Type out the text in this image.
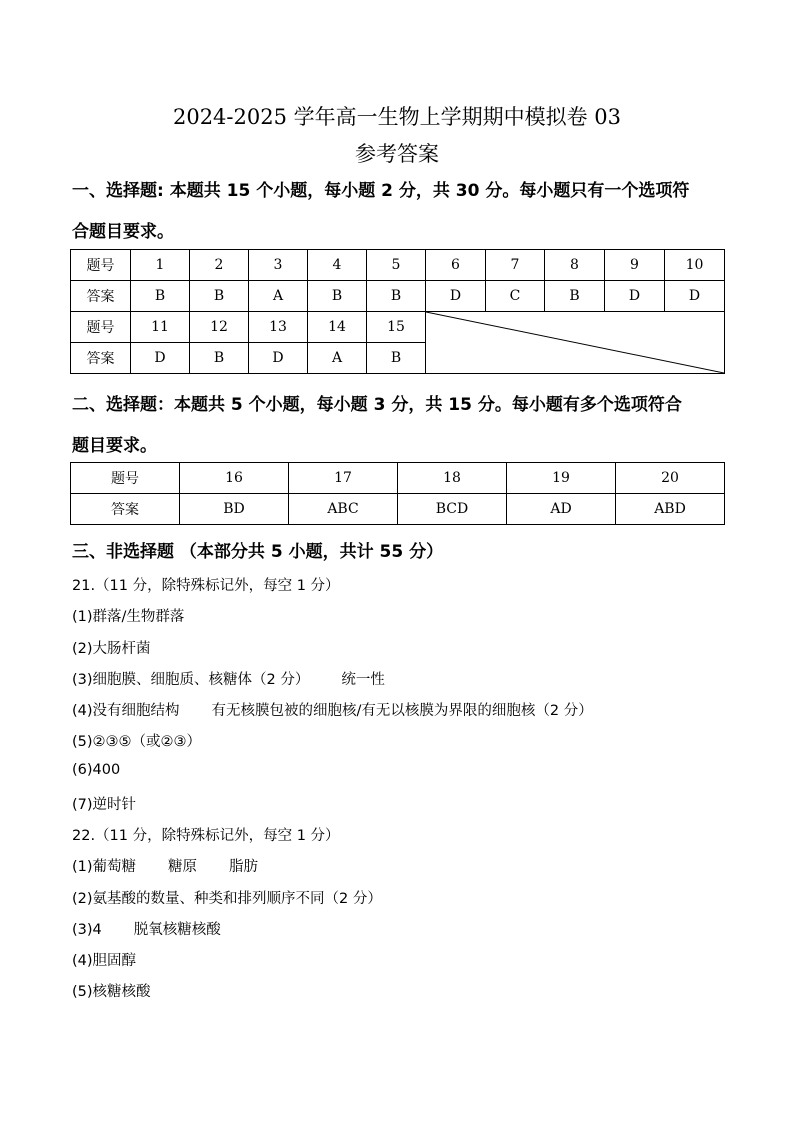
2024-2025 学年高一生物上学期期中模拟卷 03
参考答案
一、选择题: 本题共 15 个小题，每小题 2 分，共 30 分。每小题只有一个选项符
合题目要求。
题号	1	2	3	4	5	6	7	8	9	10
答案	B	B	A	B	B	D	C	B	D	D
题号	11	12	13	14	15	

答案	D	B	D	A	B					
二、选择题：本题共 5 个小题，每小题 3 分，共 15 分。每小题有多个选项符合
题目要求。
题号	16	17	18	19	20
答案	BD	ABC	BCD	AD	ABD
三、非选择题 （本部分共 5 小题，共计 55 分）
21.（11 分，除特殊标记外，每空 1 分）
(1)群落/生物群落
(2)大肠杆菌
(3)细胞膜、细胞质、核糖体（2 分） 统一性
(4)没有细胞结构 有无核膜包被的细胞核/有无以核膜为界限的细胞核（2 分）
(5)②③⑤（或②③）
(6)400
(7)逆时针
22.（11 分，除特殊标记外，每空 1 分）
(1)葡萄糖 糖原 脂肪
(2)氨基酸的数量、种类和排列顺序不同（2 分）
(3)4 脱氧核糖核酸
(4)胆固醇
(5)核糖核酸
